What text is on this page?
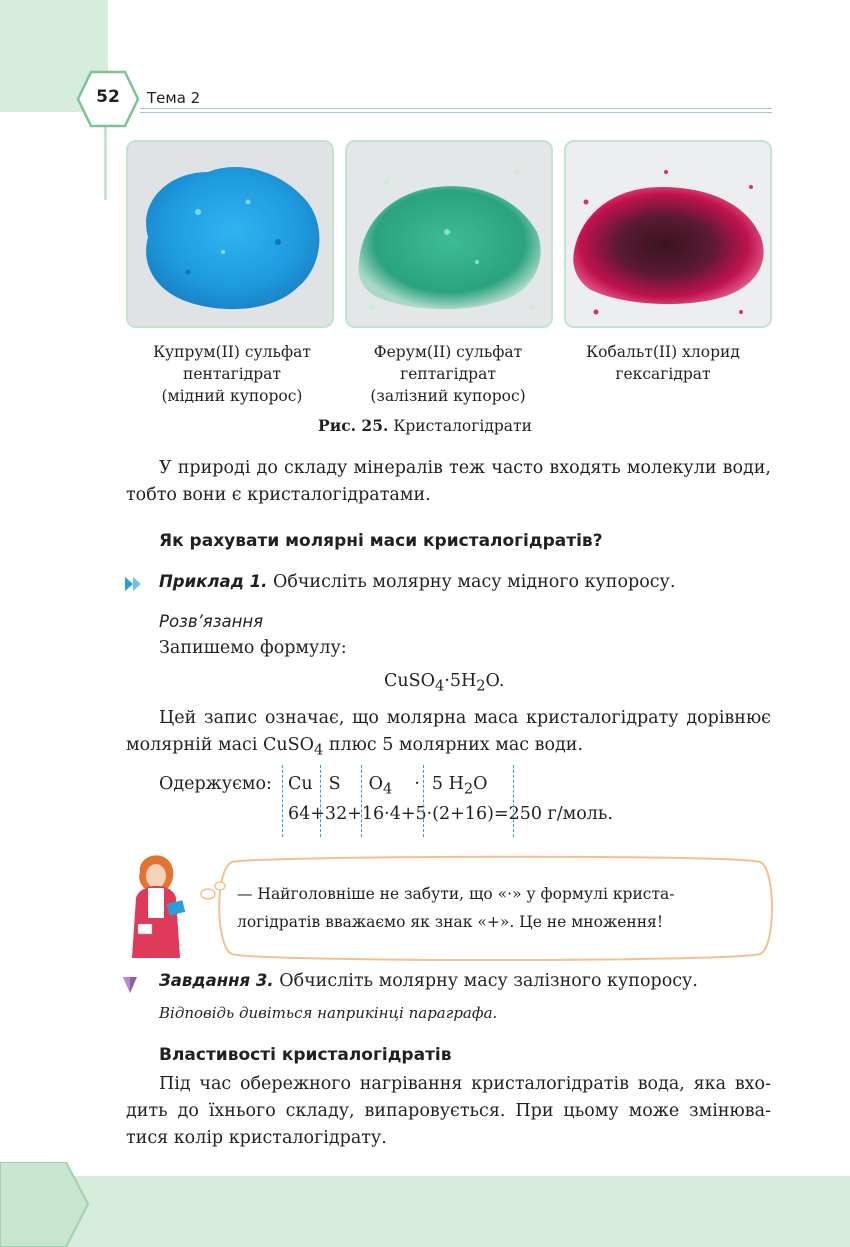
52	Тема 2
Купрум(ІІ) сульфат
пентагідрат
(мідний купорос)
Ферум(ІІ) сульфат
гептагідрат
(залізний купорос)
Кобальт(ІІ) хлорид
гексагідрат
Рис. 25. Кристалогідрати
У природі до складу мінералів теж часто входять молекули води, тобто вони є кристалогідратами.
Як рахувати молярні маси кристалогідратів?
Приклад 1. Обчисліть молярну масу мідного купоросу.
Розв’язання
Запишемо формулу:
$CuSO_4\cdot 5H_2O$.
Цей запис означає, що молярна маса кристалогідрату дорівнює молярній масі CuSO$_4$ плюс 5 молярних мас води.
Одержуємо: Cu S $O_4 \cdot 5$ $H_2O$
64+32+16·4+5·(2+16)=250 г/моль.
— Найголовніше не забути, що «·» у формулі кристалогідратів вважаємо як знак «+». Це не множення!
Завдання 3. Обчисліть молярну масу залізного купоросу.
Відповідь дивіться наприкінці параграфа.
Властивості кристалогідратів
Під час обережного нагрівання кристалогідратів вода, яка входить до їхнього складу, випаровується. При цьому може змінюватися колір кристалогідрату.
